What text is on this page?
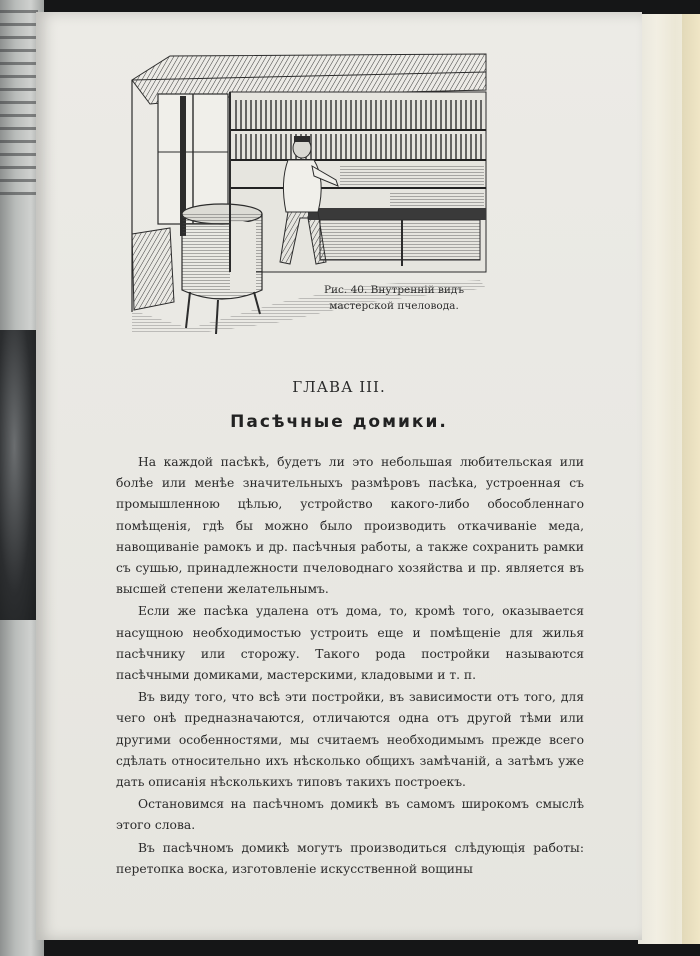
Рис. 40. Внутреннiй видъ
мастерской пчеловода.
ГЛАВА III.
Пасѣчные домики.

На каждой пасѣкѣ, будетъ ли это небольшая любительская или болѣе или менѣе значительныхъ размѣровъ пасѣка, устроенная съ промышленною цѣлью, устройство какого-либо обособленнаго помѣщенія, гдѣ бы можно было производить откачиваніе меда, навощиваніе рамокъ и др. пасѣчныя работы, а также сохранить рамки съ сушью, принадлежности пчеловоднаго хозяйства и пр. является въ высшей степени желательнымъ.

Если же пасѣка удалена отъ дома, то, кромѣ того, оказывается насущною необходимостью устроить еще и помѣщеніе для жилья пасѣчнику или сторожу. Такого рода постройки называются пасѣчными домиками, мастерскими, кладовыми и т. п.

Въ виду того, что всѣ эти постройки, въ зависимости отъ того, для чего онѣ предназначаются, отличаются одна отъ другой тѣми или другими особенностями, мы считаемъ необходимымъ прежде всего сдѣлать относительно ихъ нѣсколько общихъ замѣчаній, а затѣмъ уже дать описанія нѣсколькихъ типовъ такихъ построекъ.

Остановимся на пасѣчномъ домикѣ въ самомъ широкомъ смыслѣ этого слова.

Въ пасѣчномъ домикѣ могутъ производиться слѣдующія работы: перетопка воска, изготовленіе искусственной вощины
